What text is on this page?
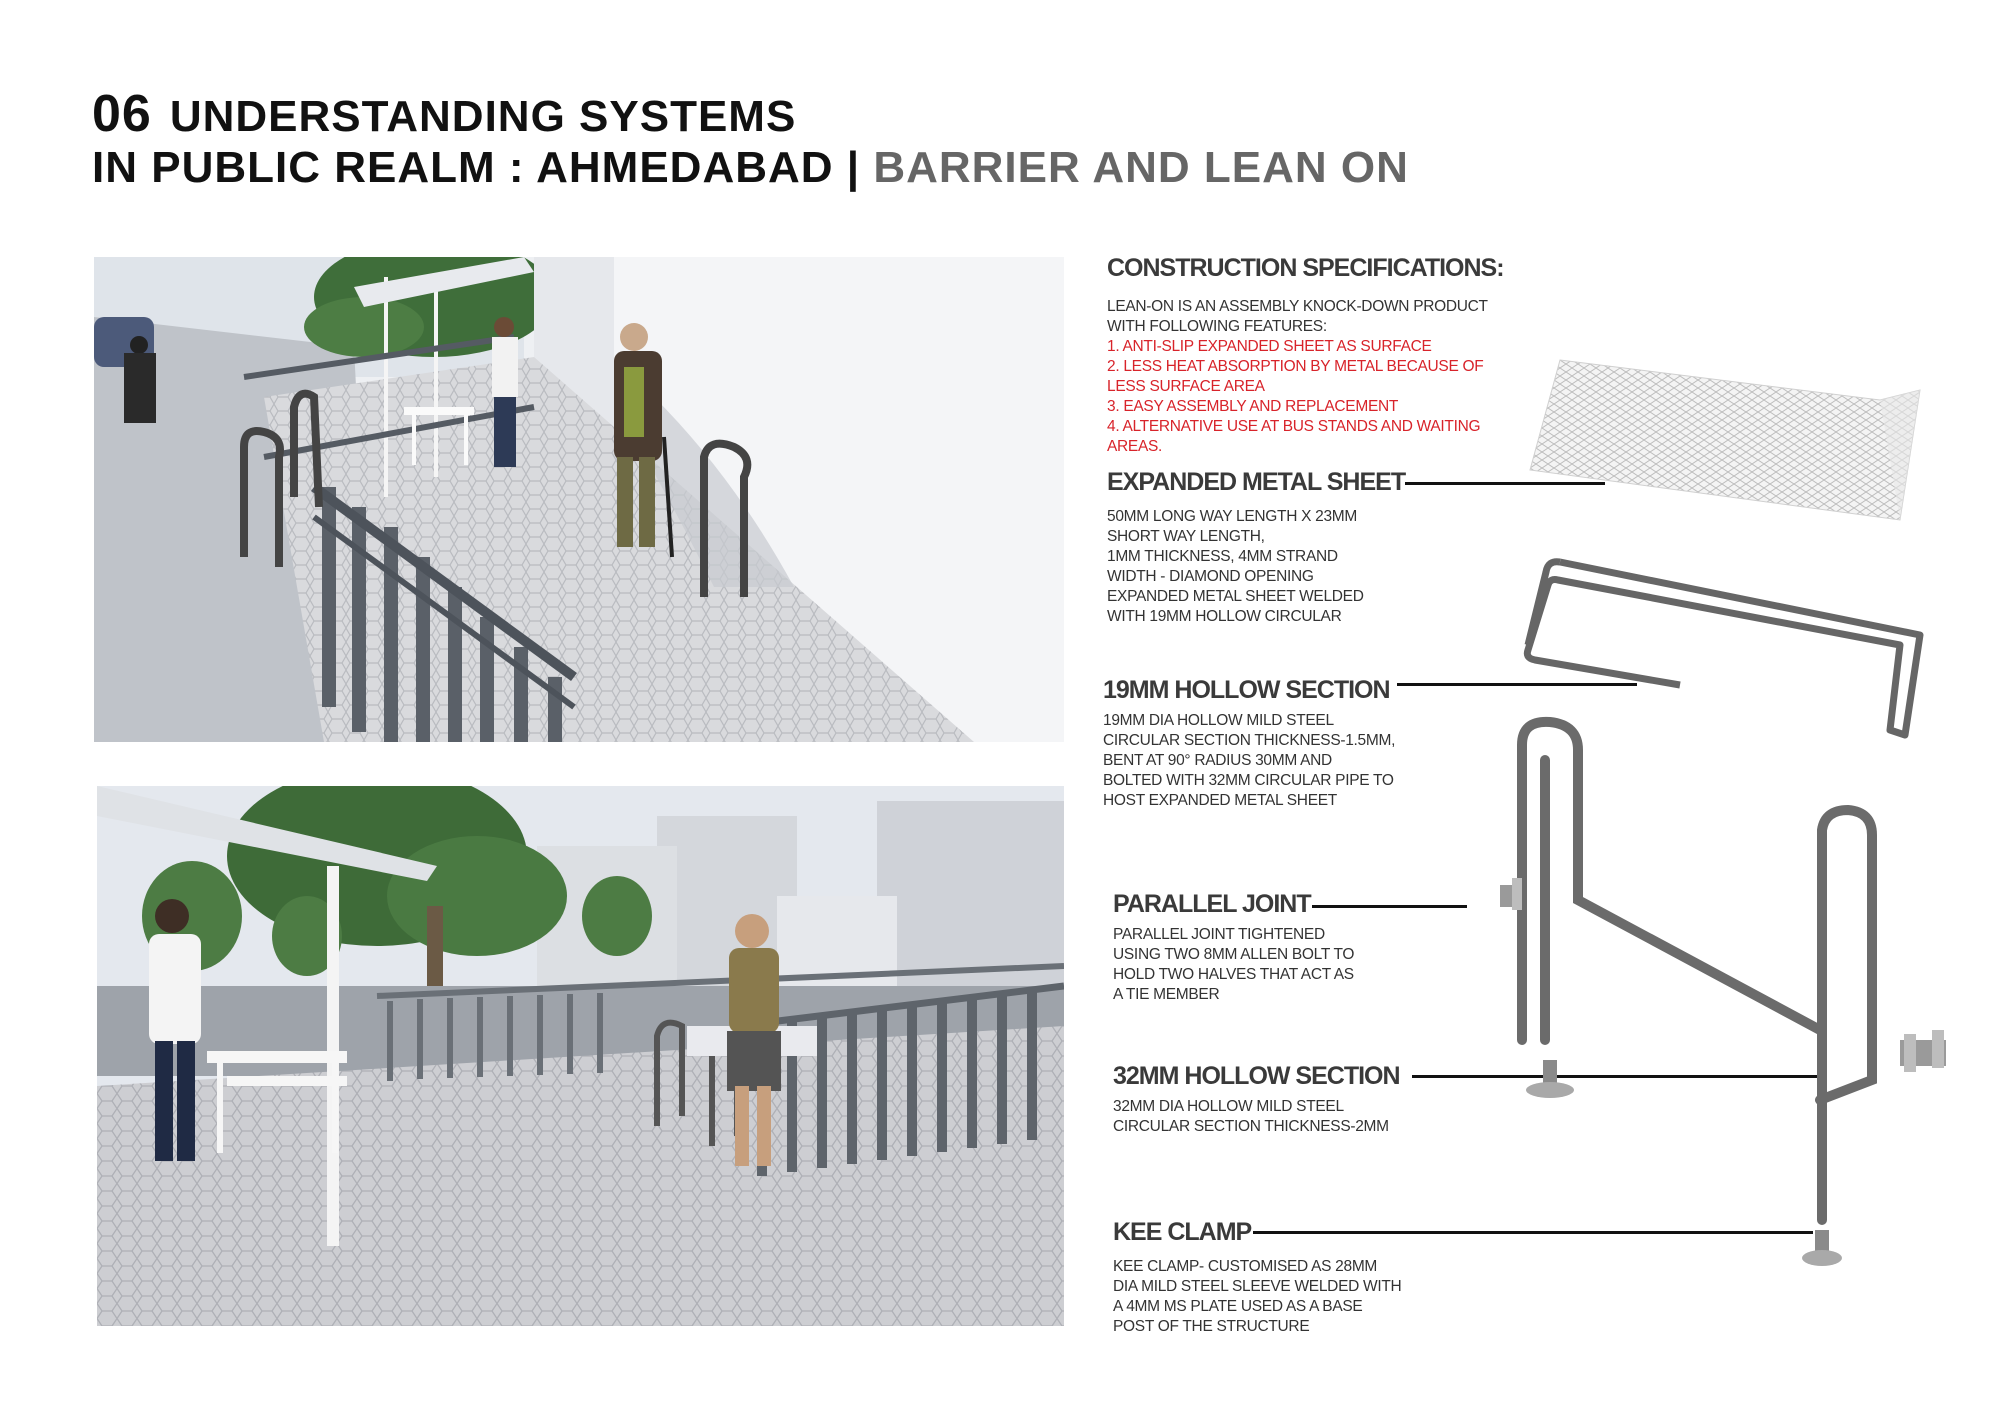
06 UNDERSTANDING SYSTEMS
IN PUBLIC REALM : AHMEDABAD | BARRIER AND LEAN ON
CONSTRUCTION SPECIFICATIONS:

LEAN-ON IS AN ASSEMBLY KNOCK-DOWN PRODUCT
WITH FOLLOWING FEATURES:

1. ANTI-SLIP EXPANDED SHEET AS SURFACE

2. LESS HEAT ABSORPTION BY METAL BECAUSE OF
LESS SURFACE AREA

3. EASY ASSEMBLY AND REPLACEMENT

4. ALTERNATIVE USE AT BUS STANDS AND WAITING
AREAS.

EXPANDED METAL SHEET

50MM LONG WAY LENGTH X 23MM
SHORT WAY LENGTH,
1MM THICKNESS, 4MM STRAND
WIDTH - DIAMOND OPENING
EXPANDED METAL SHEET WELDED
WITH 19MM HOLLOW CIRCULAR

19MM HOLLOW SECTION

19MM DIA HOLLOW MILD STEEL
CIRCULAR SECTION THICKNESS-1.5MM,
BENT AT 90° RADIUS 30MM AND
BOLTED WITH 32MM CIRCULAR PIPE TO
HOST EXPANDED METAL SHEET

PARALLEL JOINT

PARALLEL JOINT TIGHTENED
USING TWO 8MM ALLEN BOLT TO
HOLD TWO HALVES THAT ACT AS
A TIE MEMBER

32MM HOLLOW SECTION

32MM DIA HOLLOW MILD STEEL
CIRCULAR SECTION THICKNESS-2MM

KEE CLAMP

KEE CLAMP- CUSTOMISED AS 28MM
DIA MILD STEEL SLEEVE WELDED WITH
A 4MM MS PLATE USED AS A BASE
POST OF THE STRUCTURE
